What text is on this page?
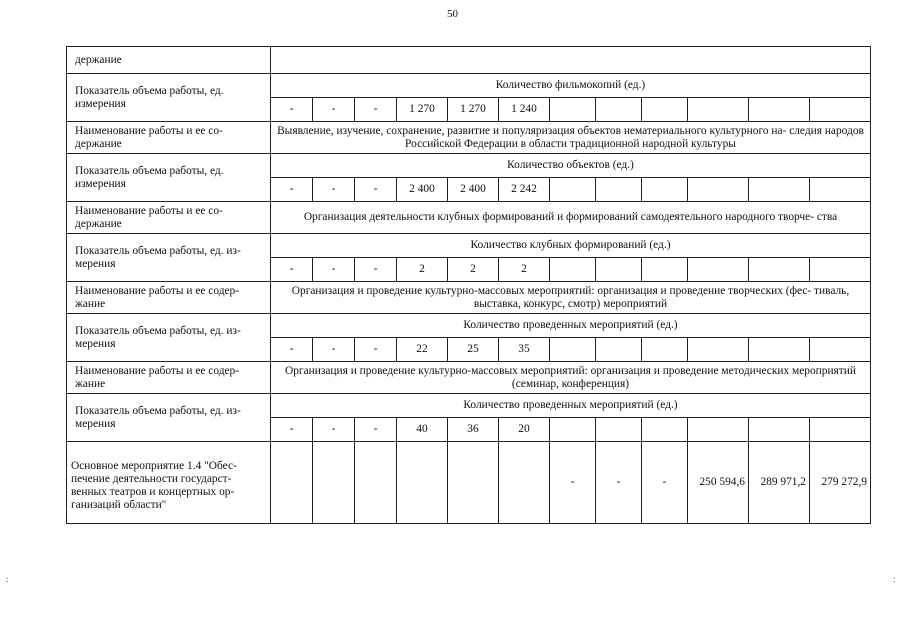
50
держание												
Показатель объема работы, ед. измерения	Количество фильмокопий (ед.)											
	-	-	-	1 270	1 270	1 240						
Наименование работы и ее со- держание	Выявление, изучение, сохранение, развитие и популяризация объектов нематериального культурного на- следия народов Российской Федерации в области традиционной народной культуры											
Показатель объема работы, ед. измерения	Количество объектов (ед.)											
	-	-	-	2 400	2 400	2 242						
Наименование работы и ее со- держание	Организация деятельности клубных формирований и формирований самодеятельного народного творче- ства											
Показатель объема работы, ед. из- мерения	Количество клубных формирований (ед.)											
	-	-	-	2	2	2						
Наименование работы и ее содер- жание	Организация и проведение культурно-массовых мероприятий: организация и проведение творческих (фес- тиваль, выставка, конкурс, смотр) мероприятий											
Показатель объема работы, ед. из- мерения	Количество проведенных мероприятий (ед.)											
	-	-	-	22	25	35						
Наименование работы и ее содер- жание	Организация и проведение культурно-массовых мероприятий: организация и проведение методических мероприятий (семинар, конференция)											
Показатель объема работы, ед. из- мерения	Количество проведенных мероприятий (ед.)											
	-	-	-	40	36	20						
Основное мероприятие 1.4 "Обес- печение деятельности государст- венных театров и концертных ор- ганизаций области"							-	-	-	250 594,6	289 971,2	279 272,9
:	:
